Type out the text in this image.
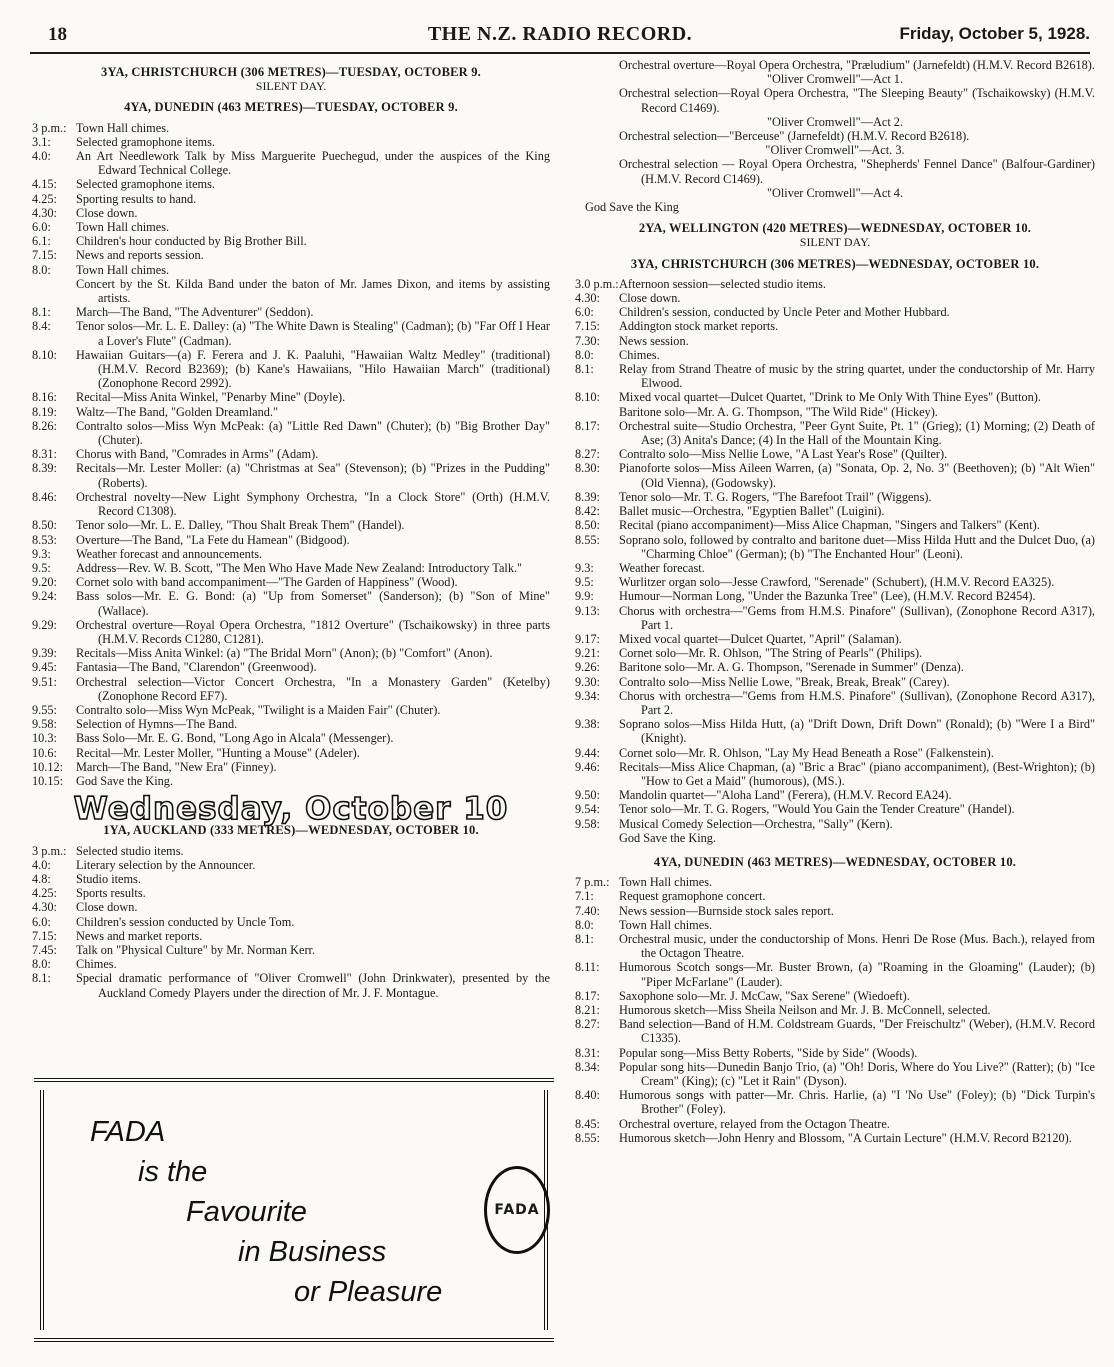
18	THE N.Z. RADIO RECORD.	Friday, October 5, 1928.
3YA, CHRISTCHURCH (306 METRES)—TUESDAY, OCTOBER 9.
SILENT DAY.
4YA, DUNEDIN (463 METRES)—TUESDAY, OCTOBER 9.
3 p.m.: Town Hall chimes.
3.1:	Selected gramophone items.
4.0:	An Art Needlework Talk by Miss Marguerite Puechegud, under the auspices of the King Edward Technical College.
4.15:	Selected gramophone items.
4.25:	Sporting results to hand.
4.30:	Close down.
6.0:	Town Hall chimes.
6.1:	Children's hour conducted by Big Brother Bill.
7.15:	News and reports session.
8.0:	Town Hall chimes.
Concert by the St. Kilda Band under the baton of Mr. James Dixon, and items by assisting artists.
8.1:	March—The Band, "The Adventurer" (Seddon).
8.4:	Tenor solos—Mr. L. E. Dalley: (a) "The White Dawn is Stealing" (Cadman); (b) "Far Off I Hear a Lover's Flute" (Cadman).
8.10:	Hawaiian Guitars—(a) F. Ferera and J. K. Paaluhi, "Hawaiian Waltz Medley" (traditional) (H.M.V. Record B2369); (b) Kane's Hawaiians, "Hilo Hawaiian March" (traditional) (Zonophone Record 2992).
8.16:	Recital—Miss Anita Winkel, "Penarby Mine" (Doyle).
8.19:	Waltz—The Band, "Golden Dreamland."
8.26:	Contralto solos—Miss Wyn McPeak: (a) "Little Red Dawn" (Chuter); (b) "Big Brother Day" (Chuter).
8.31:	Chorus with Band, "Comrades in Arms" (Adam).
8.39:	Recitals—Mr. Lester Moller: (a) "Christmas at Sea" (Stevenson); (b) "Prizes in the Pudding" (Roberts).
8.46:	Orchestral novelty—New Light Symphony Orchestra, "In a Clock Store" (Orth) (H.M.V. Record C1308).
8.50:	Tenor solo—Mr. L. E. Dalley, "Thou Shalt Break Them" (Handel).
8.53:	Overture—The Band, "La Fete du Hamean" (Bidgood).
9.3:	Weather forecast and announcements.
9.5:	Address—Rev. W. B. Scott, "The Men Who Have Made New Zealand: Introductory Talk."
9.20:	Cornet solo with band accompaniment—"The Garden of Happiness" (Wood).
9.24:	Bass solos—Mr. E. G. Bond: (a) "Up from Somerset" (Sanderson); (b) "Son of Mine" (Wallace).
9.29:	Orchestral overture—Royal Opera Orchestra, "1812 Overture" (Tschaikowsky) in three parts (H.M.V. Records C1280, C1281).
9.39:	Recitals—Miss Anita Winkel: (a) "The Bridal Morn" (Anon); (b) "Comfort" (Anon).
9.45:	Fantasia—The Band, "Clarendon" (Greenwood).
9.51:	Orchestral selection—Victor Concert Orchestra, "In a Monastery Garden" (Ketelby) (Zonophone Record EF7).
9.55:	Contralto solo—Miss Wyn McPeak, "Twilight is a Maiden Fair" (Chuter).
9.58:	Selection of Hymns—The Band.
10.3:	Bass Solo—Mr. E. G. Bond, "Long Ago in Alcala" (Messenger).
10.6:	Recital—Mr. Lester Moller, "Hunting a Mouse" (Adeler).
10.12:	March—The Band, "New Era" (Finney).
10.15:	God Save the King.
Wednesday, October 10
1YA, AUCKLAND (333 METRES)—WEDNESDAY, OCTOBER 10.
3 p.m.: Selected studio items.
4.0:	Literary selection by the Announcer.
4.8:	Studio items.
4.25:	Sports results.
4.30:	Close down.
6.0:	Children's session conducted by Uncle Tom.
7.15:	News and market reports.
7.45:	Talk on "Physical Culture" by Mr. Norman Kerr.
8.0:	Chimes.
8.1:	Special dramatic performance of "Oliver Cromwell" (John Drinkwater), presented by the Auckland Comedy Players under the direction of Mr. J. F. Montague.
FADA
is the
Favourite
in Business
or Pleasure
FADA
Orchestral overture—Royal Opera Orchestra, "Præludium" (Jarnefeldt) (H.M.V. Record B2618).
"Oliver Cromwell"—Act 1.
Orchestral selection—Royal Opera Orchestra, "The Sleeping Beauty" (Tschaikowsky) (H.M.V. Record C1469).
"Oliver Cromwell"—Act 2.
Orchestral selection—"Berceuse" (Jarnefeldt) (H.M.V. Record B2618).
"Oliver Cromwell"—Act. 3.
Orchestral selection — Royal Opera Orchestra, "Shepherds' Fennel Dance" (Balfour-Gardiner) (H.M.V. Record C1469).
"Oliver Cromwell"—Act 4.
God Save the King
2YA, WELLINGTON (420 METRES)—WEDNESDAY, OCTOBER 10.
SILENT DAY.
3YA, CHRISTCHURCH (306 METRES)—WEDNESDAY, OCTOBER 10.
3.0 p.m.: Afternoon session—selected studio items.
4.30:	Close down.
6.0:	Children's session, conducted by Uncle Peter and Mother Hubbard.
7.15:	Addington stock market reports.
7.30:	News session.
8.0:	Chimes.
8.1:	Relay from Strand Theatre of music by the string quartet, under the conductorship of Mr. Harry Elwood.
8.10:	Mixed vocal quartet—Dulcet Quartet, "Drink to Me Only With Thine Eyes" (Button).
Baritone solo—Mr. A. G. Thompson, "The Wild Ride" (Hickey).
8.17:	Orchestral suite—Studio Orchestra, "Peer Gynt Suite, Pt. 1" (Grieg); (1) Morning; (2) Death of Ase; (3) Anita's Dance; (4) In the Hall of the Mountain King.
8.27:	Contralto solo—Miss Nellie Lowe, "A Last Year's Rose" (Quilter).
8.30:	Pianoforte solos—Miss Aileen Warren, (a) "Sonata, Op. 2, No. 3" (Beethoven); (b) "Alt Wien" (Old Vienna), (Godowsky).
8.39:	Tenor solo—Mr. T. G. Rogers, "The Barefoot Trail" (Wiggens).
8.42:	Ballet music—Orchestra, "Egyptien Ballet" (Luigini).
8.50:	Recital (piano accompaniment)—Miss Alice Chapman, "Singers and Talkers" (Kent).
8.55:	Soprano solo, followed by contralto and baritone duet—Miss Hilda Hutt and the Dulcet Duo, (a) "Charming Chloe" (German); (b) "The Enchanted Hour" (Leoni).
9.3:	Weather forecast.
9.5:	Wurlitzer organ solo—Jesse Crawford, "Serenade" (Schubert), (H.M.V. Record EA325).
9.9:	Humour—Norman Long, "Under the Bazunka Tree" (Lee), (H.M.V. Record B2454).
9.13:	Chorus with orchestra—"Gems from H.M.S. Pinafore" (Sullivan), (Zonophone Record A317), Part 1.
9.17:	Mixed vocal quartet—Dulcet Quartet, "April" (Salaman).
9.21:	Cornet solo—Mr. R. Ohlson, "The String of Pearls" (Philips).
9.26:	Baritone solo—Mr. A. G. Thompson, "Serenade in Summer" (Denza).
9.30:	Contralto solo—Miss Nellie Lowe, "Break, Break, Break" (Carey).
9.34:	Chorus with orchestra—"Gems from H.M.S. Pinafore" (Sullivan), (Zonophone Record A317), Part 2.
9.38:	Soprano solos—Miss Hilda Hutt, (a) "Drift Down, Drift Down" (Ronald); (b) "Were I a Bird" (Knight).
9.44:	Cornet solo—Mr. R. Ohlson, "Lay My Head Beneath a Rose" (Falkenstein).
9.46:	Recitals—Miss Alice Chapman, (a) "Bric a Brac" (piano accompaniment), (Best-Wrighton); (b) "How to Get a Maid" (humorous), (MS.).
9.50:	Mandolin quartet—"Aloha Land" (Ferera), (H.M.V. Record EA24).
9.54:	Tenor solo—Mr. T. G. Rogers, "Would You Gain the Tender Creature" (Handel).
9.58:	Musical Comedy Selection—Orchestra, "Sally" (Kern).
God Save the King.
4YA, DUNEDIN (463 METRES)—WEDNESDAY, OCTOBER 10.
7 p.m.: Town Hall chimes.
7.1:	Request gramophone concert.
7.40:	News session—Burnside stock sales report.
8.0:	Town Hall chimes.
8.1:	Orchestral music, under the conductorship of Mons. Henri De Rose (Mus. Bach.), relayed from the Octagon Theatre.
8.11:	Humorous Scotch songs—Mr. Buster Brown, (a) "Roaming in the Gloaming" (Lauder); (b) "Piper McFarlane" (Lauder).
8.17:	Saxophone solo—Mr. J. McCaw, "Sax Serene" (Wiedoeft).
8.21:	Humorous sketch—Miss Sheila Neilson and Mr. J. B. McConnell, selected.
8.27:	Band selection—Band of H.M. Coldstream Guards, "Der Freischultz" (Weber), (H.M.V. Record C1335).
8.31:	Popular song—Miss Betty Roberts, "Side by Side" (Woods).
8.34:	Popular song hits—Dunedin Banjo Trio, (a) "Oh! Doris, Where do You Live?" (Ratter); (b) "Ice Cream" (King); (c) "Let it Rain" (Dyson).
8.40:	Humorous songs with patter—Mr. Chris. Harlie, (a) "I 'No Use" (Foley); (b) "Dick Turpin's Brother" (Foley).
8.45:	Orchestral overture, relayed from the Octagon Theatre.
8.55:	Humorous sketch—John Henry and Blossom, "A Curtain Lecture" (H.M.V. Record B2120).
